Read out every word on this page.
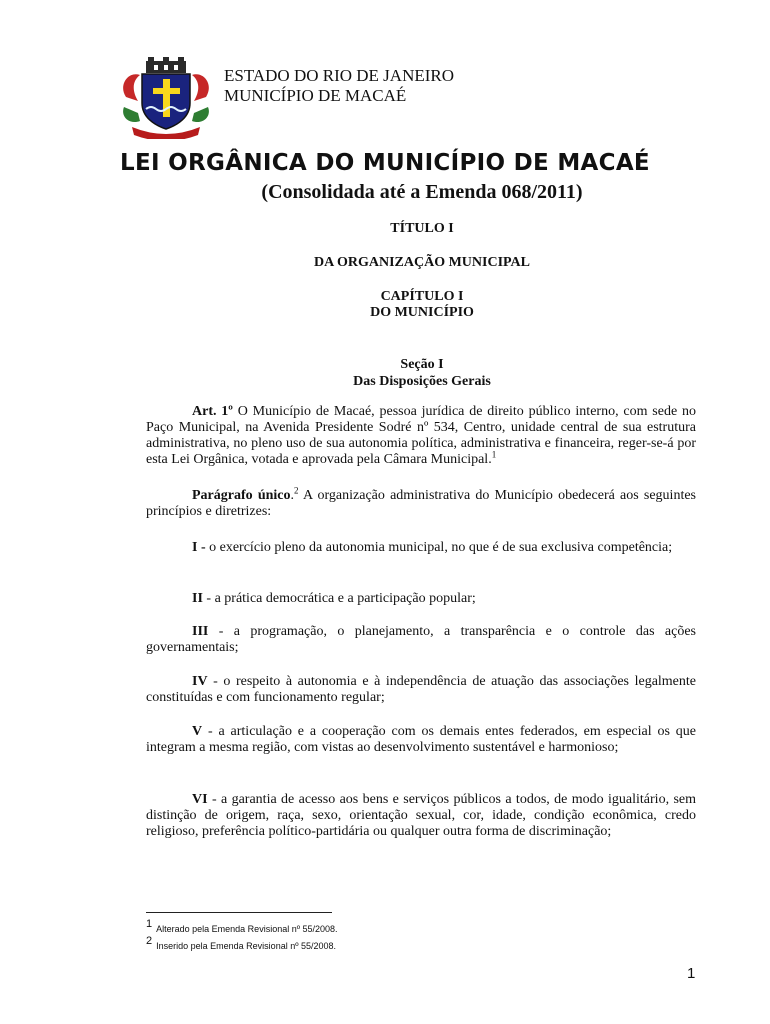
ESTADO DO RIO DE JANEIRO
MUNICÍPIO DE MACAÉ
LEI ORGÂNICA DO MUNICÍPIO DE MACAÉ
(Consolidada até a Emenda 068/2011)
TÍTULO I
DA ORGANIZAÇÃO MUNICIPAL
CAPÍTULO I
DO MUNICÍPIO
Seção I
Das Disposições Gerais
Art. 1º O Município de Macaé, pessoa jurídica de direito público interno, com sede no Paço Municipal, na Avenida Presidente Sodré nº 534, Centro, unidade central de sua estrutura administrativa, no pleno uso de sua autonomia política, administrativa e financeira, reger-se-á por esta Lei Orgânica, votada e aprovada pela Câmara Municipal.$^1$
Parágrafo único.$^2$ A organização administrativa do Município obedecerá aos seguintes princípios e diretrizes:
I - o exercício pleno da autonomia municipal, no que é de sua exclusiva competência;
II - a prática democrática e a participação popular;
III - a programação, o planejamento, a transparência e o controle das ações governamentais;
IV - o respeito à autonomia e à independência de atuação das associações legalmente constituídas e com funcionamento regular;
V - a articulação e a cooperação com os demais entes federados, em especial os que integram a mesma região, com vistas ao desenvolvimento sustentável e harmonioso;
VI - a garantia de acesso aos bens e serviços públicos a todos, de modo igualitário, sem distinção de origem, raça, sexo, orientação sexual, cor, idade, condição econômica, credo religioso, preferência político-partidária ou qualquer outra forma de discriminação;
1 Alterado pela Emenda Revisional nº 55/2008.
2 Inserido pela Emenda Revisional nº 55/2008.
1
